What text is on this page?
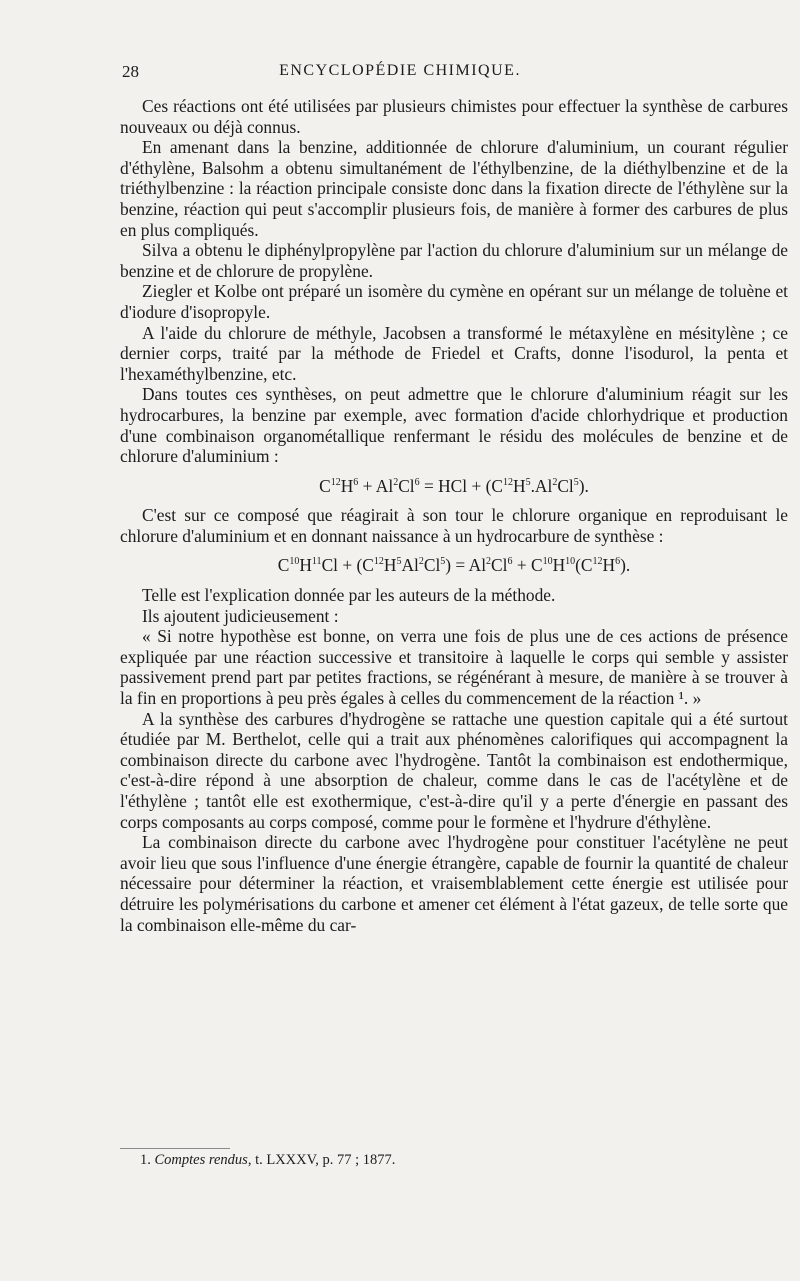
28	ENCYCLOPÉDIE CHIMIQUE.

Ces réactions ont été utilisées par plusieurs chimistes pour effectuer la synthèse de carbures nouveaux ou déjà connus.

En amenant dans la benzine, additionnée de chlorure d'aluminium, un courant régulier d'éthylène, Balsohm a obtenu simultanément de l'éthylbenzine, de la diéthylbenzine et de la triéthylbenzine : la réaction principale consiste donc dans la fixation directe de l'éthylène sur la benzine, réaction qui peut s'accomplir plusieurs fois, de manière à former des carbures de plus en plus compliqués.

Silva a obtenu le diphénylpropylène par l'action du chlorure d'aluminium sur un mélange de benzine et de chlorure de propylène.

Ziegler et Kolbe ont préparé un isomère du cymène en opérant sur un mélange de toluène et d'iodure d'isopropyle.

A l'aide du chlorure de méthyle, Jacobsen a transformé le métaxylène en mésitylène ; ce dernier corps, traité par la méthode de Friedel et Crafts, donne l'isodurol, la penta et l'hexaméthylbenzine, etc.

Dans toutes ces synthèses, on peut admettre que le chlorure d'aluminium réagit sur les hydrocarbures, la benzine par exemple, avec formation d'acide chlorhydrique et production d'une combinaison organométallique renfermant le résidu des molécules de benzine et de chlorure d'aluminium :

$C^{12}H^6 + Al^2Cl^6$ = HCl + $(C^{12}H^5.Al^2Cl^5)$.

C'est sur ce composé que réagirait à son tour le chlorure organique en reproduisant le chlorure d'aluminium et en donnant naissance à un hydrocarbure de synthèse :

$C^{10}H^{11}Cl + (C^{12}H^5Al^2Cl^5) = Al^2Cl^6 + C^{10}H^{10}(C^{12}H^6)$.

Telle est l'explication donnée par les auteurs de la méthode.

Ils ajoutent judicieusement :

« Si notre hypothèse est bonne, on verra une fois de plus une de ces actions de présence expliquée par une réaction successive et transitoire à laquelle le corps qui semble y assister passivement prend part par petites fractions, se régénérant à mesure, de manière à se trouver à la fin en proportions à peu près égales à celles du commencement de la réaction ¹. »

A la synthèse des carbures d'hydrogène se rattache une question capitale qui a été surtout étudiée par M. Berthelot, celle qui a trait aux phénomènes calorifiques qui accompagnent la combinaison directe du carbone avec l'hydrogène. Tantôt la combinaison est endothermique, c'est-à-dire répond à une absorption de chaleur, comme dans le cas de l'acétylène et de l'éthylène ; tantôt elle est exothermique, c'est-à-dire qu'il y a perte d'énergie en passant des corps composants au corps composé, comme pour le formène et l'hydrure d'éthylène.

La combinaison directe du carbone avec l'hydrogène pour constituer l'acétylène ne peut avoir lieu que sous l'influence d'une énergie étrangère, capable de fournir la quantité de chaleur nécessaire pour déterminer la réaction, et vraisemblablement cette énergie est utilisée pour détruire les polymérisations du carbone et amener cet élément à l'état gazeux, de telle sorte que la combinaison elle-même du car-

1. Comptes rendus, t. LXXXV, p. 77 ; 1877.
